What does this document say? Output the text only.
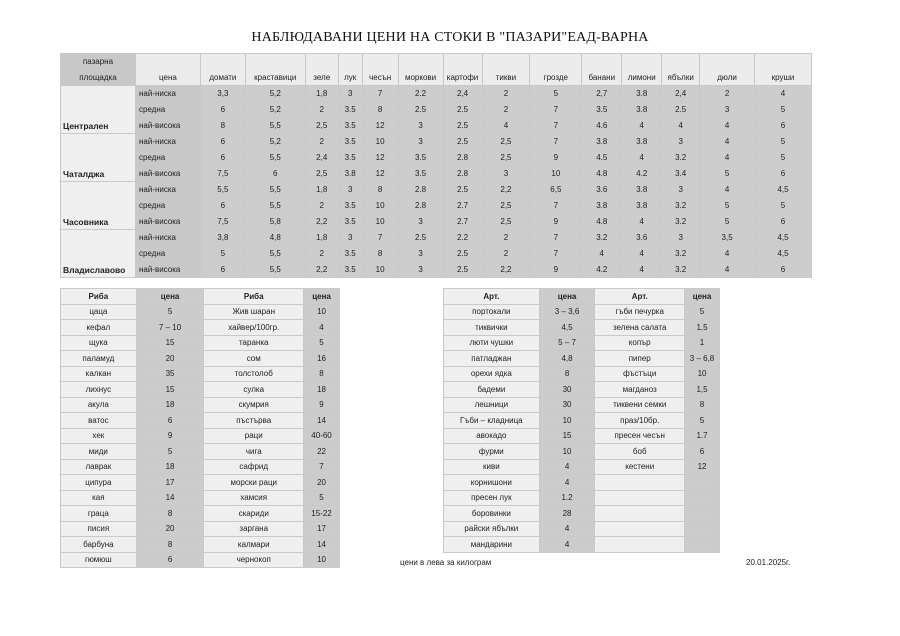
НАБЛЮДАВАНИ ЦЕНИ НА СТОКИ В "ПАЗАРИ"ЕАД-ВАРНА
пазарна	цена	домати	краставици	зеле	лук	чесън	моркови	картофи	тикви	грозде	банани	лимони	ябълки	дюли	круши
площадка															
Централен	най-ниска	3,3	5,2	1,8	3	7	2.2	2,4	2	5	2,7	3.8	2,4	2	4
	средна	6	5,2	2	3.5	8	2.5	2.5	2	7	3.5	3.8	2.5	3	5
	най-висока	8	5,5	2,5	3.5	12	3	2.5	4	7	4.6	4	4	4	6
Чаталджа	най-ниска	6	5,2	2	3.5	10	3	2.5	2,5	7	3.8	3.8	3	4	5
	средна	6	5,5	2,4	3.5	12	3.5	2.8	2,5	9	4.5	4	3.2	4	5
	най-висока	7,5	6	2,5	3.8	12	3.5	2.8	3	10	4.8	4.2	3.4	5	6
Часовника	най-ниска	5,5	5,5	1,8	3	8	2.8	2.5	2,2	6,5	3.6	3.8	3	4	4,5
	средна	6	5,5	2	3.5	10	2.8	2.7	2,5	7	3.8	3.8	3.2	5	5
	най-висока	7,5	5,8	2,2	3.5	10	3	2.7	2,5	9	4.8	4	3.2	5	6
Владиславово	най-ниска	3,8	4,8	1,8	3	7	2.5	2.2	2	7	3.2	3.6	3	3,5	4,5
	средна	5	5,5	2	3.5	8	3	2.5	2	7	4	4	3.2	4	4,5
	най-висока	6	5,5	2,2	3.5	10	3	2.5	2,2	9	4.2	4	3.2	4	6
Риба	цена	Риба	цена
цаца	5	Жив шаран	10
кефал	7 – 10	хайвер/100гр.	4
щука	15	таранка	5
паламуд	20	сом	16
калкан	35	толстолоб	8
лихнус	15	сулка	18
акула	18	скумрия	9
ватос	6	пъстърва	14
хек	9	раци	40-60
миди	5	чига	22
лаврак	18	сафрид	7
ципура	17	морски раци	20
кая	14	хамсия	5
граца	8	скариди	15-22
писия	20	заргана	17
барбуна	8	калмари	14
гюмюш	6	чернокоп	10
Арт.	цена	Арт.	цена
портокали	3 – 3,6	гъби печурка	5
тиквички	4,5	зелена салата	1,5
люти чушки	5 – 7	копър	1
патладжан	4,8	пипер	3 – 6,8
орехи ядка	8	фъстъци	10
бадеми	30	магданоз	1,5
лешници	30	тиквени семки	8
Гъби – кладница	10	праз/10бр.	5
авокадо	15	пресен чесън	1.7
фурми	10	боб	6
киви	4	кестени	12
корнишони	4		
пресен лук	1.2		
боровинки	28		
райски ябълки	4		
мандарини	4		
цени в лева за килограм	20.01.2025г.
